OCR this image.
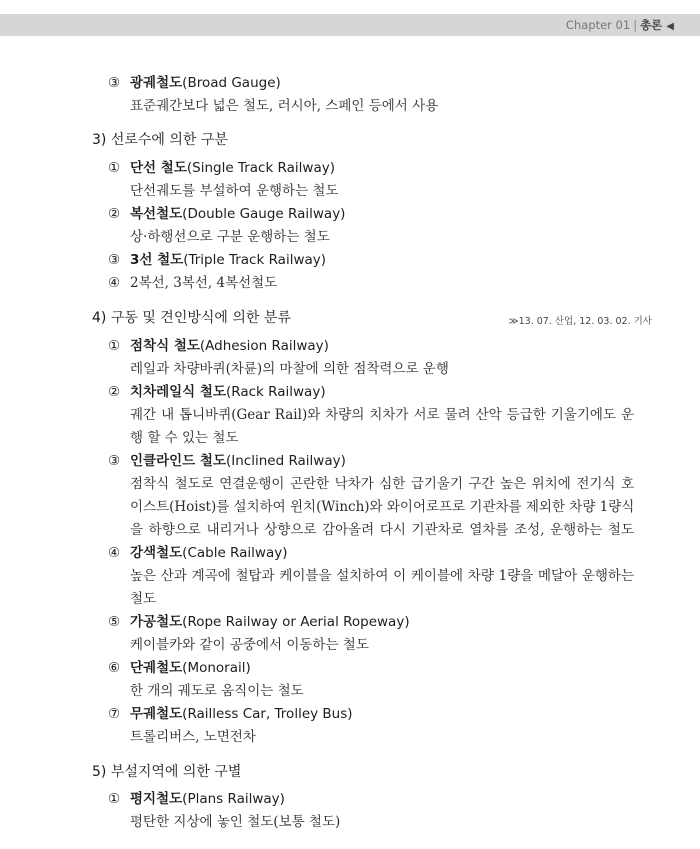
Chapter 01 | 총론 ◀
③ 광궤철도(Broad Gauge)
표준궤간보다 넓은 철도, 러시아, 스페인 등에서 사용
3) 선로수에 의한 구분
① 단선 철도(Single Track Railway)
단선궤도를 부설하여 운행하는 철도
② 복선철도(Double Gauge Railway)
상·하행선으로 구분 운행하는 철도
③ 3선 철도(Triple Track Railway)
④ 2복선, 3복선, 4복선철도
4) 구동 및 견인방식에 의한 분류	≫13. 07. 산업, 12. 03. 02. 기사
① 점착식 철도(Adhesion Railway)
레일과 차량바퀴(차륜)의 마찰에 의한 점착력으로 운행
② 치차레일식 철도(Rack Railway)
궤간 내 톱니바퀴(Gear Rail)와 차량의 치차가 서로 물려 산악 등급한 기울기에도 운
행 할 수 있는 철도
③ 인클라인드 철도(Inclined Railway)
점착식 철도로 연결운행이 곤란한 낙차가 심한 급기울기 구간 높은 위치에 전기식 호
이스트(Hoist)를 설치하여 윈치(Winch)와 와이어로프로 기관차를 제외한 차량 1량식
을 하향으로 내리거나 상향으로 감아올려 다시 기관차로 열차를 조성, 운행하는 철도
④ 강색철도(Cable Railway)
높은 산과 계곡에 철탑과 케이블을 설치하여 이 케이블에 차량 1량을 메달아 운행하는
철도
⑤ 가공철도(Rope Railway or Aerial Ropeway)
케이블카와 같이 공중에서 이동하는 철도
⑥ 단궤철도(Monorail)
한 개의 궤도로 움직이는 철도
⑦ 무궤철도(Railless Car, Trolley Bus)
트롤리버스, 노면전차
5) 부설지역에 의한 구별
① 평지철도(Plans Railway)
평탄한 지상에 놓인 철도(보통 철도)
